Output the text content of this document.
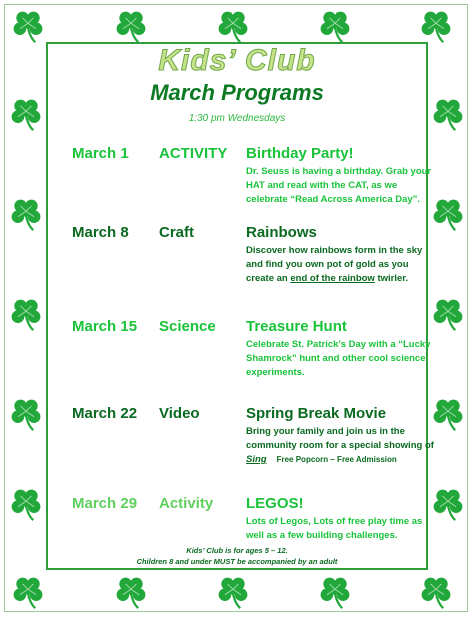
Kids’ Club
March Programs
1:30 pm Wednesdays
March 1 ACTIVITY Birthday Party!
Dr. Seuss is having a birthday. Grab your HAT and read with the CAT, as we celebrate “Read Across America Day”.
March 8 Craft	Rainbows
Discover how rainbows form in the sky and find you own pot of gold as you create an end of the rainbow twirler.
March 15 Science Treasure Hunt
Celebrate St. Patrick’s Day with a “Lucky Shamrock” hunt and other cool science experiments.
March 22 Video	Spring Break Movie
Bring your family and join us in the community room for a special showing of Sing Free Popcorn – Free Admission
March 29 Activity LEGOS!
Lots of Legos, Lots of free play time as well as a few building challenges.
Kids’ Club is for ages 5 – 12.
Children 8 and under MUST be accompanied by an adult
